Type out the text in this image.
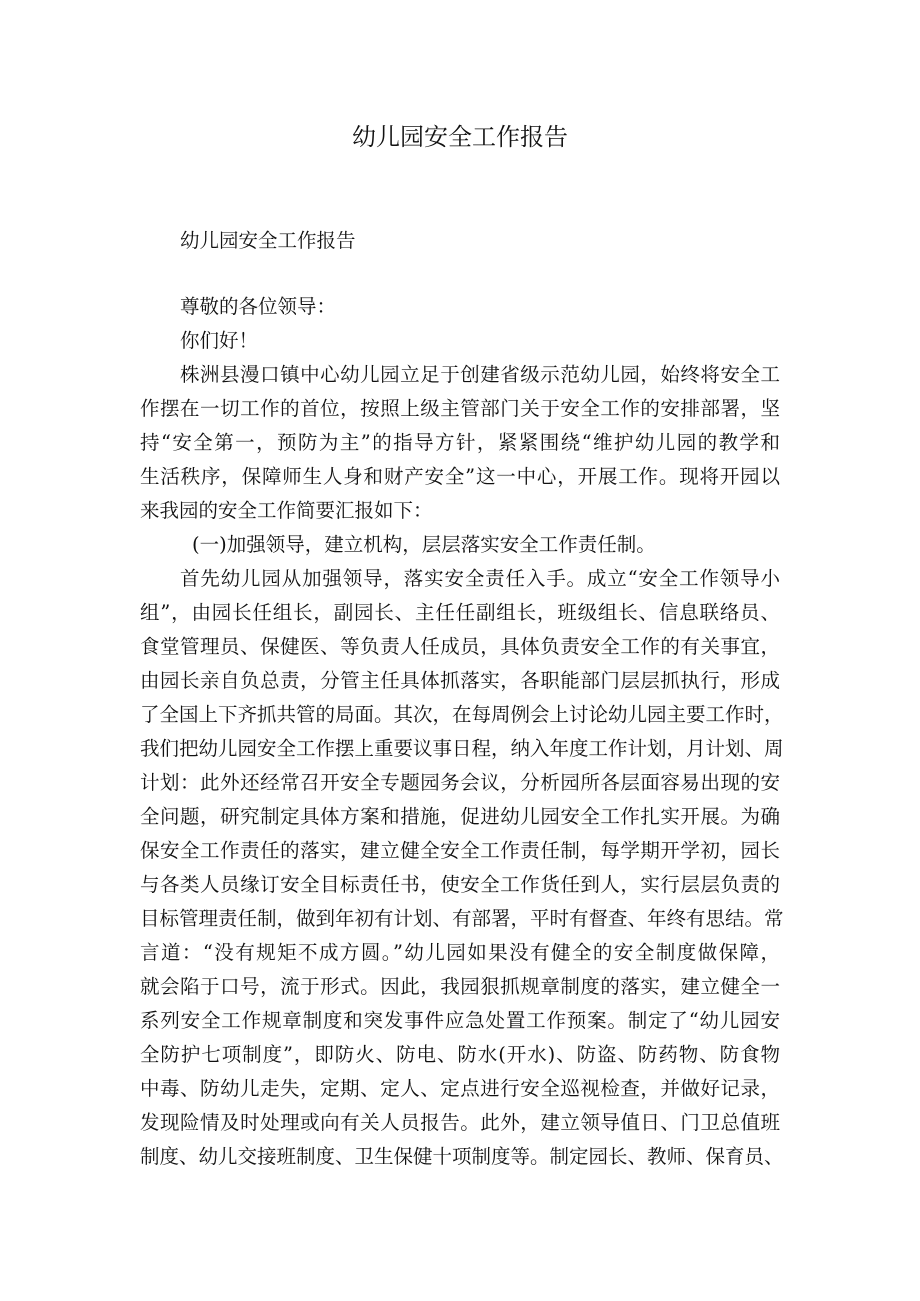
幼儿园安全工作报告
幼儿园安全工作报告
尊敬的各位领导：
你们好！
株洲县漫口镇中心幼儿园立足于创建省级示范幼儿园，始终将安全工
作摆在一切工作的首位，按照上级主管部门关于安全工作的安排部署，坚
持“安全第一，预防为主”的指导方针，紧紧围绕“维护幼儿园的教学和
生活秩序，保障师生人身和财产安全”这一中心，开展工作。现将开园以
来我园的安全工作简要汇报如下：
(一)加强领导，建立机构，层层落实安全工作责任制。
首先幼儿园从加强领导，落实安全责任入手。成立“安全工作领导小
组”，由园长任组长，副园长、主任任副组长，班级组长、信息联络员、
食堂管理员、保健医、等负责人任成员，具体负责安全工作的有关事宜，
由园长亲自负总责，分管主任具体抓落实，各职能部门层层抓执行，形成
了全国上下齐抓共管的局面。其次，在每周例会上讨论幼儿园主要工作时，
我们把幼儿园安全工作摆上重要议事日程，纳入年度工作计划，月计划、周
计划：此外还经常召开安全专题园务会议，分析园所各层面容易出现的安
全问题，研究制定具体方案和措施，促进幼儿园安全工作扎实开展。为确
保安全工作责任的落实，建立健全安全工作责任制，每学期开学初，园长
与各类人员缘订安全目标责任书，使安全工作货任到人，实行层层负责的
目标管理责任制，做到年初有计划、有部署，平时有督查、年终有思结。常
言道：“没有规矩不成方圆。”幼儿园如果没有健全的安全制度做保障，
就会陷于口号，流于形式。因此，我园狠抓规章制度的落实，建立健全一
系列安全工作规章制度和突发事件应急处置工作预案。制定了“幼儿园安
全防护七项制度”，即防火、防电、防水(开水)、防盗、防药物、防食物
中毒、防幼儿走失，定期、定人、定点进行安全巡视检查，并做好记录，
发现险情及时处理或向有关人员报告。此外，建立领导值日、门卫总值班
制度、幼儿交接班制度、卫生保健十项制度等。制定园长、教师、保育员、
